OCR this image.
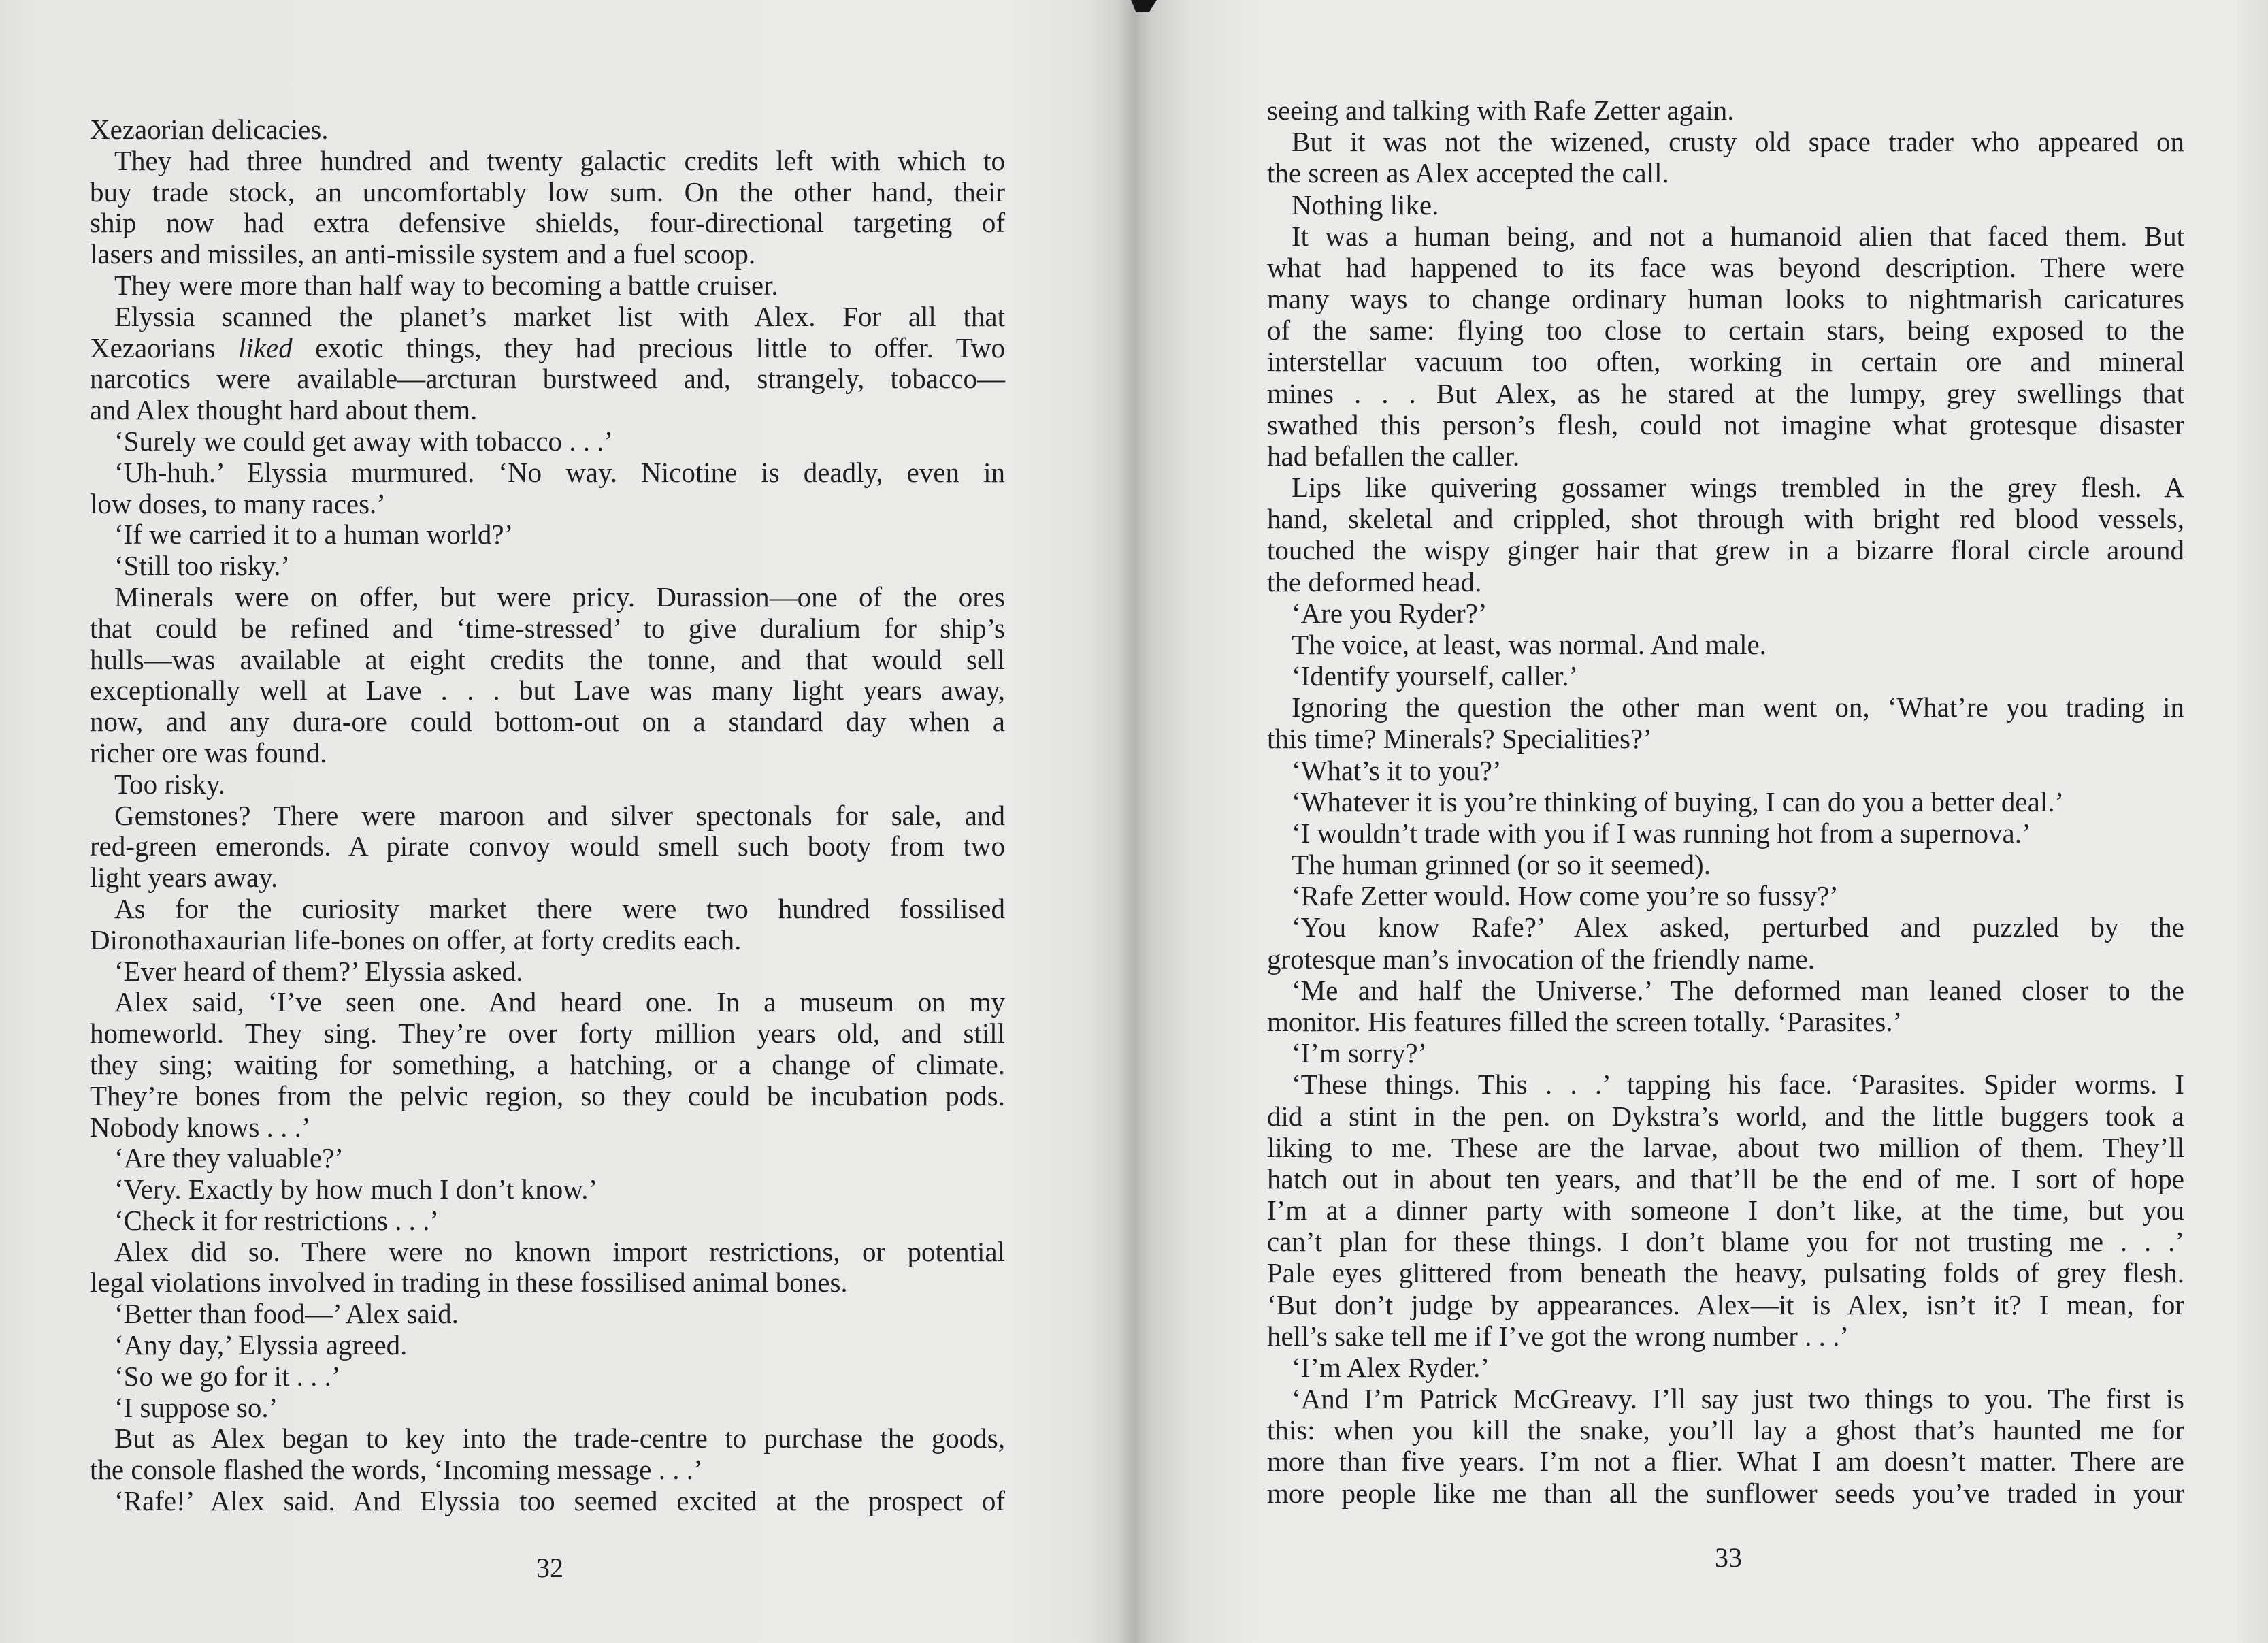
Xezaorian delicacies.
They had three hundred and twenty galactic credits left with which to
buy trade stock, an uncomfortably low sum. On the other hand, their
ship now had extra defensive shields, four-directional targeting of
lasers and missiles, an anti-missile system and a fuel scoop.
They were more than half way to becoming a battle cruiser.
Elyssia scanned the planet’s market list with Alex. For all that
Xezaorians liked exotic things, they had precious little to offer. Two
narcotics were available—arcturan burstweed and, strangely, tobacco—
and Alex thought hard about them.
‘Surely we could get away with tobacco . . .’
‘Uh-huh.’ Elyssia murmured. ‘No way. Nicotine is deadly, even in
low doses, to many races.’
‘If we carried it to a human world?’
‘Still too risky.’
Minerals were on offer, but were pricy. Durassion—one of the ores
that could be refined and ‘time-stressed’ to give duralium for ship’s
hulls—was available at eight credits the tonne, and that would sell
exceptionally well at Lave . . . but Lave was many light years away,
now, and any dura-ore could bottom-out on a standard day when a
richer ore was found.
Too risky.
Gemstones? There were maroon and silver spectonals for sale, and
red-green emeronds. A pirate convoy would smell such booty from two
light years away.
As for the curiosity market there were two hundred fossilised
Dironothaxaurian life-bones on offer, at forty credits each.
‘Ever heard of them?’ Elyssia asked.
Alex said, ‘I’ve seen one. And heard one. In a museum on my
homeworld. They sing. They’re over forty million years old, and still
they sing; waiting for something, a hatching, or a change of climate.
They’re bones from the pelvic region, so they could be incubation pods.
Nobody knows . . .’
‘Are they valuable?’
‘Very. Exactly by how much I don’t know.’
‘Check it for restrictions . . .’
Alex did so. There were no known import restrictions, or potential
legal violations involved in trading in these fossilised animal bones.
‘Better than food—’ Alex said.
‘Any day,’ Elyssia agreed.
‘So we go for it . . .’
‘I suppose so.’
But as Alex began to key into the trade-centre to purchase the goods,
the console flashed the words, ‘Incoming message . . .’
‘Rafe!’ Alex said. And Elyssia too seemed excited at the prospect of
32
seeing and talking with Rafe Zetter again.
But it was not the wizened, crusty old space trader who appeared on
the screen as Alex accepted the call.
Nothing like.
It was a human being, and not a humanoid alien that faced them. But
what had happened to its face was beyond description. There were
many ways to change ordinary human looks to nightmarish caricatures
of the same: flying too close to certain stars, being exposed to the
interstellar vacuum too often, working in certain ore and mineral
mines . . . But Alex, as he stared at the lumpy, grey swellings that
swathed this person’s flesh, could not imagine what grotesque disaster
had befallen the caller.
Lips like quivering gossamer wings trembled in the grey flesh. A
hand, skeletal and crippled, shot through with bright red blood vessels,
touched the wispy ginger hair that grew in a bizarre floral circle around
the deformed head.
‘Are you Ryder?’
The voice, at least, was normal. And male.
‘Identify yourself, caller.’
Ignoring the question the other man went on, ‘What’re you trading in
this time? Minerals? Specialities?’
‘What’s it to you?’
‘Whatever it is you’re thinking of buying, I can do you a better deal.’
‘I wouldn’t trade with you if I was running hot from a supernova.’
The human grinned (or so it seemed).
‘Rafe Zetter would. How come you’re so fussy?’
‘You know Rafe?’ Alex asked, perturbed and puzzled by the
grotesque man’s invocation of the friendly name.
‘Me and half the Universe.’ The deformed man leaned closer to the
monitor. His features filled the screen totally. ‘Parasites.’
‘I’m sorry?’
‘These things. This . . .’ tapping his face. ‘Parasites. Spider worms. I
did a stint in the pen. on Dykstra’s world, and the little buggers took a
liking to me. These are the larvae, about two million of them. They’ll
hatch out in about ten years, and that’ll be the end of me. I sort of hope
I’m at a dinner party with someone I don’t like, at the time, but you
can’t plan for these things. I don’t blame you for not trusting me . . .’
Pale eyes glittered from beneath the heavy, pulsating folds of grey flesh.
‘But don’t judge by appearances. Alex—it is Alex, isn’t it? I mean, for
hell’s sake tell me if I’ve got the wrong number . . .’
‘I’m Alex Ryder.’
‘And I’m Patrick McGreavy. I’ll say just two things to you. The first is
this: when you kill the snake, you’ll lay a ghost that’s haunted me for
more than five years. I’m not a flier. What I am doesn’t matter. There are
more people like me than all the sunflower seeds you’ve traded in your
33
